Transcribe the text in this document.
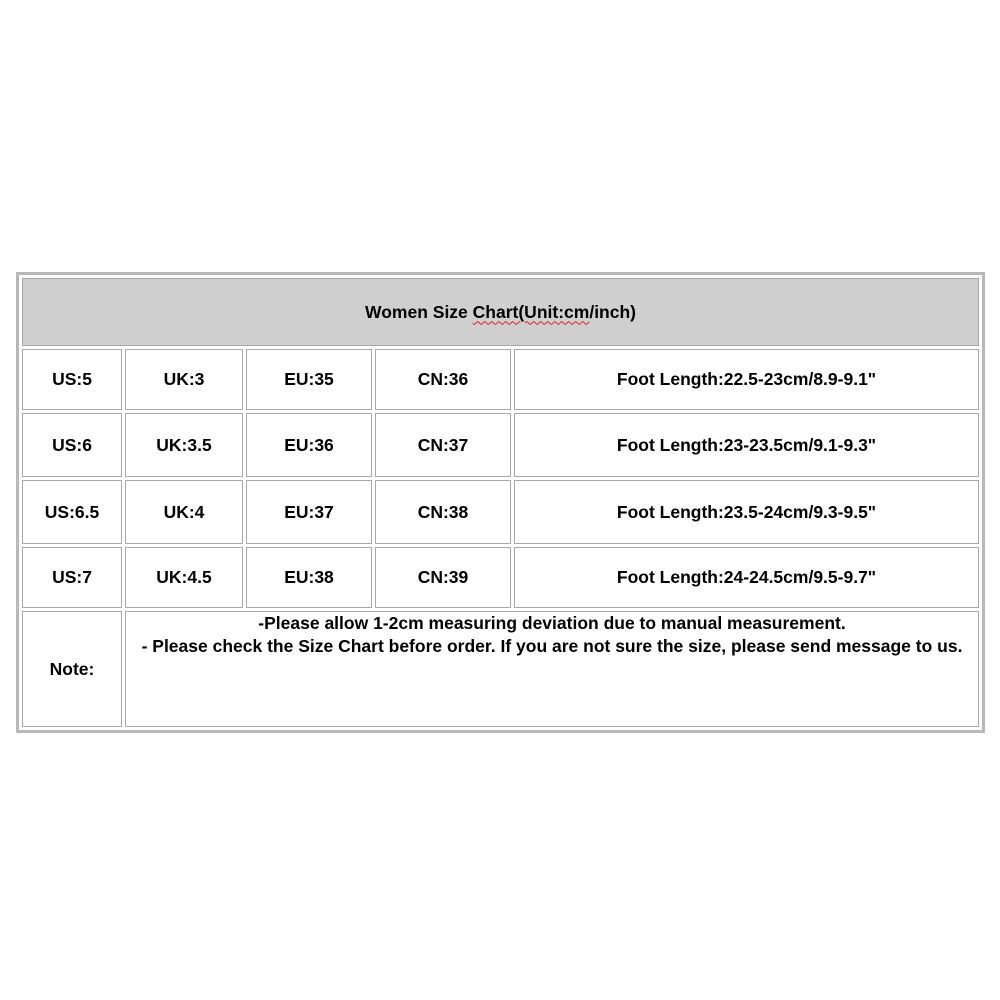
Women Size Chart(Unit:cm/inch)				
US:5	UK:3	EU:35	CN:36	Foot Length:22.5-23cm/8.9-9.1"
US:6	UK:3.5	EU:36	CN:37	Foot Length:23-23.5cm/9.1-9.3"
US:6.5	UK:4	EU:37	CN:38	Foot Length:23.5-24cm/9.3-9.5"
US:7	UK:4.5	EU:38	CN:39	Foot Length:24-24.5cm/9.5-9.7"
Note:	-Please allow 1-2cm measuring deviation due to manual measurement.
- Please check the Size Chart before order. If you are not sure the size, please send message to us.			
